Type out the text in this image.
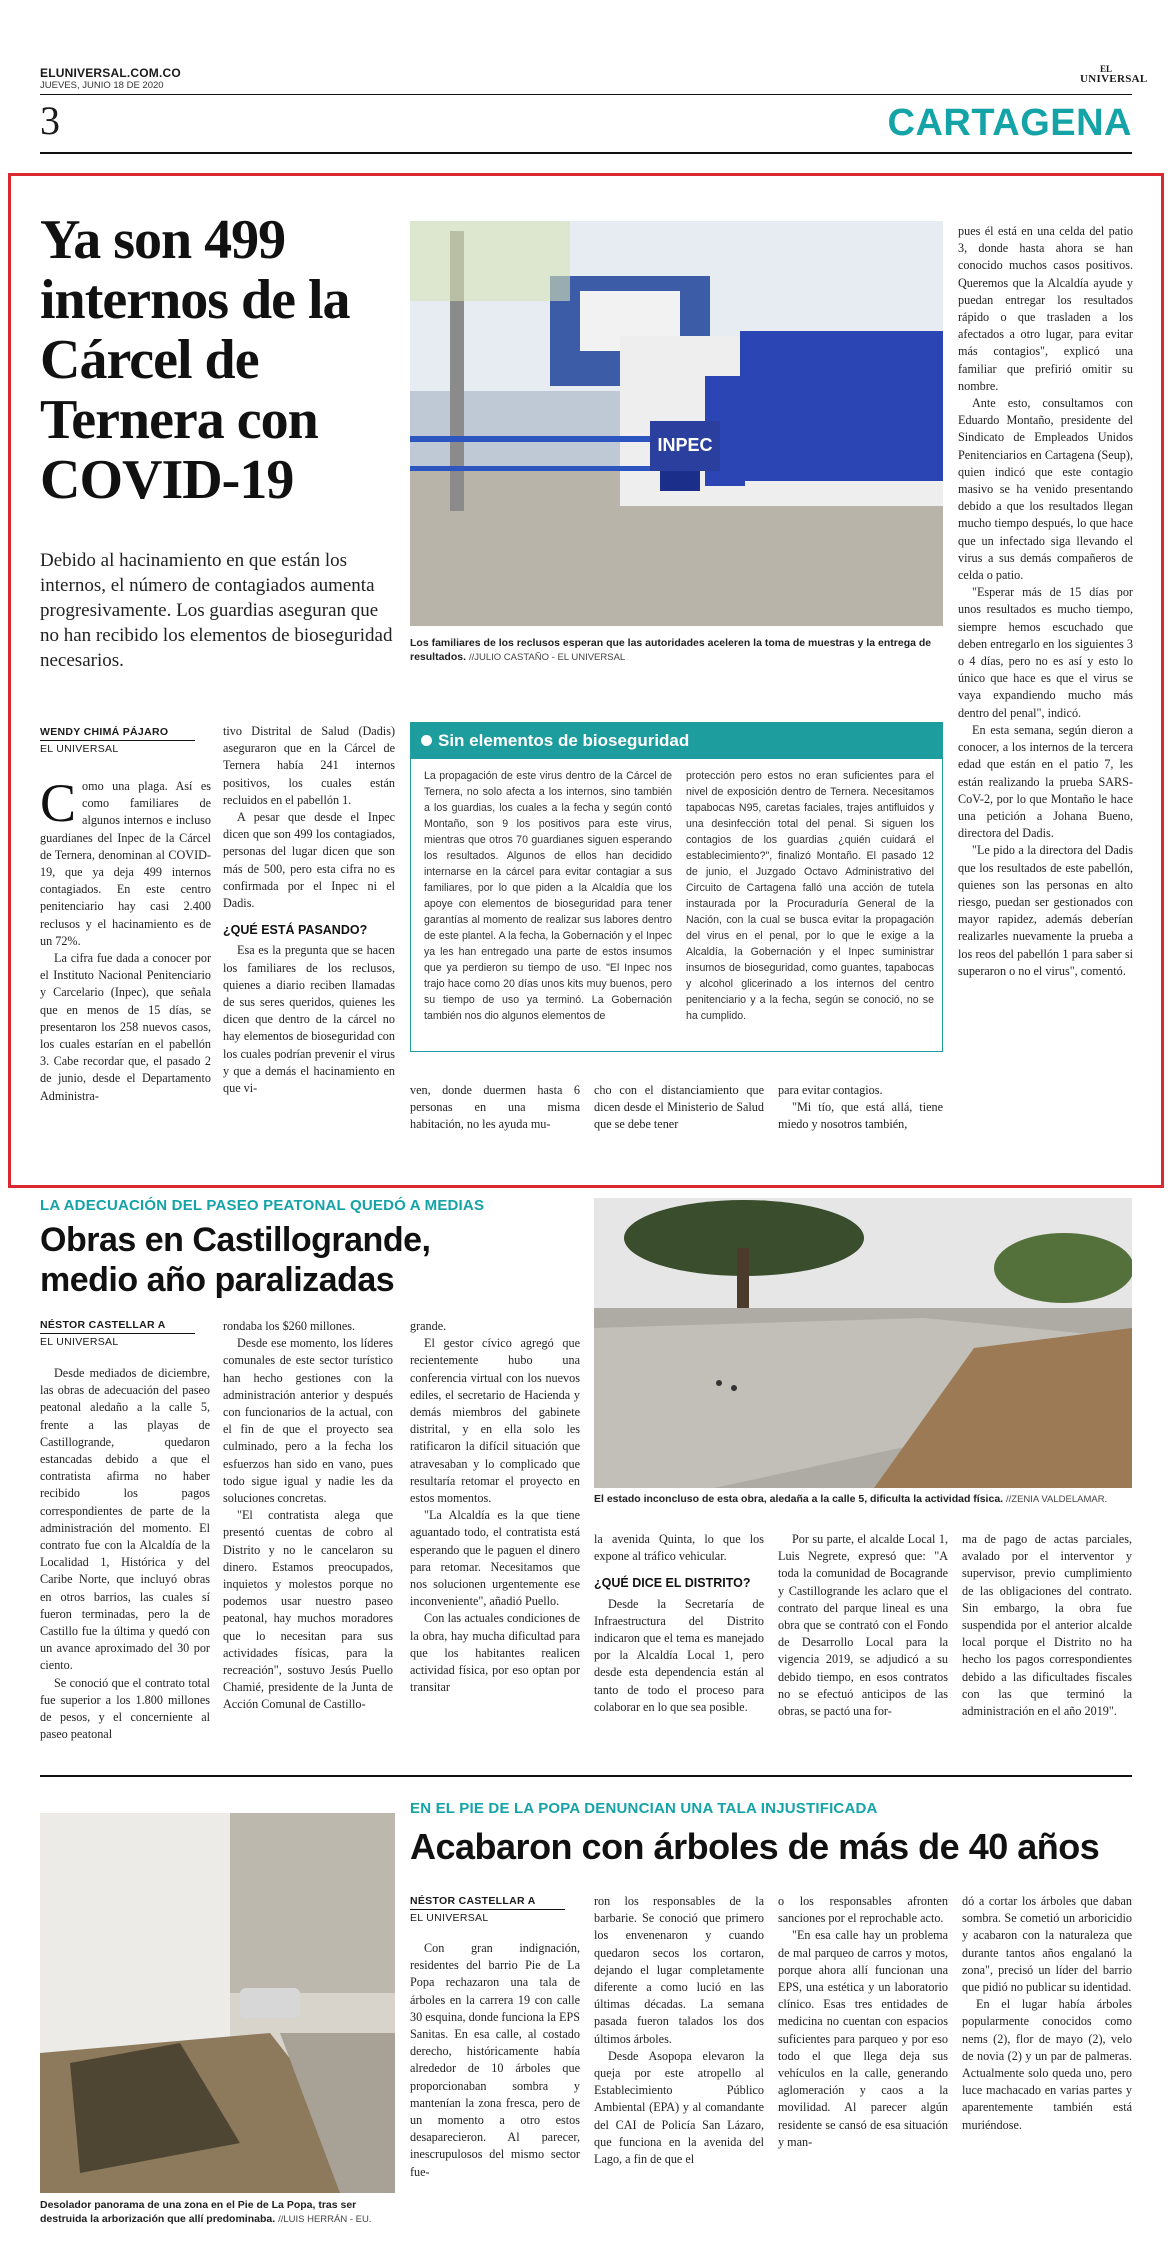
ELUNIVERSAL.COM.CO
JUEVES, JUNIO 18 DE 2020
EL
UNIVERSAL
3	CARTAGENA
Ya son 499 internos de la Cárcel de Ternera con COVID-19
Debido al hacinamiento en que están los internos, el número de contagiados aumenta progresivamente. Los guardias aseguran que no han recibido los elementos de bioseguridad necesarios.
INPEC
Los familiares de los reclusos esperan que las autoridades aceleren la toma de muestras y la entrega de resultados. //JULIO CASTAÑO - EL UNIVERSAL
WENDY CHIMÁ PÁJARO
EL UNIVERSAL

Como una plaga. Así es como familiares de algunos internos e incluso guardianes del Inpec de la Cárcel de Ternera, denominan al COVID-19, que ya deja 499 internos contagiados. En este centro penitenciario hay casi 2.400 reclusos y el hacinamiento es de un 72%.

La cifra fue dada a conocer por el Instituto Nacional Penitenciario y Carcelario (Inpec), que señala que en menos de 15 días, se presentaron los 258 nuevos casos, los cuales estarían en el pabellón 3. Cabe recordar que, el pasado 2 de junio, desde el Departamento Administra-

tivo Distrital de Salud (Dadis) aseguraron que en la Cárcel de Ternera había 241 internos positivos, los cuales están recluidos en el pabellón 1.

A pesar que desde el Inpec dicen que son 499 los contagiados, personas del lugar dicen que son más de 500, pero esta cifra no es confirmada por el Inpec ni el Dadis.

¿QUÉ ESTÁ PASANDO?

Esa es la pregunta que se hacen los familiares de los reclusos, quienes a diario reciben llamadas de sus seres queridos, quienes les dicen que dentro de la cárcel no hay elementos de bioseguridad con los cuales podrían prevenir el virus y que a demás el hacinamiento en que vi-

Sin elementos de bioseguridad
La propagación de este virus dentro de la Cárcel de Ternera, no solo afecta a los internos, sino también a los guardias, los cuales a la fecha y según contó Montaño, son 9 los positivos para este virus, mientras que otros 70 guardianes siguen esperando los resultados. Algunos de ellos han decidido internarse en la cárcel para evitar contagiar a sus familiares, por lo que piden a la Alcaldía que los apoye con elementos de bioseguridad para tener garantías al momento de realizar sus labores dentro de este plantel. A la fecha, la Gobernación y el Inpec ya les han entregado una parte de estos insumos que ya perdieron su tiempo de uso. "El Inpec nos trajo hace como 20 días unos kits muy buenos, pero su tiempo de uso ya terminó. La Gobernación también nos dio algunos elementos de
protección pero estos no eran suficientes para el nivel de exposición dentro de Ternera. Necesitamos tapabocas N95, caretas faciales, trajes antifluidos y una desinfección total del penal. Si siguen los contagios de los guardias ¿quién cuidará el establecimiento?", finalizó Montaño. El pasado 12 de junio, el Juzgado Octavo Administrativo del Circuito de Cartagena falló una acción de tutela instaurada por la Procuraduría General de la Nación, con la cual se busca evitar la propagación del virus en el penal, por lo que le exige a la Alcaldía, la Gobernación y el Inpec suministrar insumos de bioseguridad, como guantes, tapabocas y alcohol glicerinado a los internos del centro penitenciario y a la fecha, según se conoció, no se ha cumplido.
ven, donde duermen hasta 6 personas en una misma habitación, no les ayuda mu-
cho con el distanciamiento que dicen desde el Ministerio de Salud que se debe tener

para evitar contagios.

"Mi tío, que está allá, tiene miedo y nosotros también,

pues él está en una celda del patio 3, donde hasta ahora se han conocido muchos casos positivos. Queremos que la Alcaldía ayude y puedan entregar los resultados rápido o que trasladen a los afectados a otro lugar, para evitar más contagios", explicó una familiar que prefirió omitir su nombre.

Ante esto, consultamos con Eduardo Montaño, presidente del Sindicato de Empleados Unidos Penitenciarios en Cartagena (Seup), quien indicó que este contagio masivo se ha venido presentando debido a que los resultados llegan mucho tiempo después, lo que hace que un infectado siga llevando el virus a sus demás compañeros de celda o patio.

"Esperar más de 15 días por unos resultados es mucho tiempo, siempre hemos escuchado que deben entregarlo en los siguientes 3 o 4 días, pero no es así y esto lo único que hace es que el virus se vaya expandiendo mucho más dentro del penal", indicó.

En esta semana, según dieron a conocer, a los internos de la tercera edad que están en el patio 7, les están realizando la prueba SARS-CoV-2, por lo que Montaño le hace una petición a Johana Bueno, directora del Dadis.

"Le pido a la directora del Dadis que los resultados de este pabellón, quienes son las personas en alto riesgo, puedan ser gestionados con mayor rapidez, además deberían realizarles nuevamente la prueba a los reos del pabellón 1 para saber si superaron o no el virus", comentó.

LA ADECUACIÓN DEL PASEO PEATONAL QUEDÓ A MEDIAS
Obras en Castillogrande,
medio año paralizadas
NÉSTOR CASTELLAR A
EL UNIVERSAL

Desde mediados de diciembre, las obras de adecuación del paseo peatonal aledaño a la calle 5, frente a las playas de Castillogrande, quedaron estancadas debido a que el contratista afirma no haber recibido los pagos correspondientes de parte de la administración del momento. El contrato fue con la Alcaldía de la Localidad 1, Histórica y del Caribe Norte, que incluyó obras en otros barrios, las cuales sí fueron terminadas, pero la de Castillo fue la última y quedó con un avance aproximado del 30 por ciento.

Se conoció que el contrato total fue superior a los 1.800 millones de pesos, y el concerniente al paseo peatonal

rondaba los $260 millones.

Desde ese momento, los líderes comunales de este sector turístico han hecho gestiones con la administración anterior y después con funcionarios de la actual, con el fin de que el proyecto sea culminado, pero a la fecha los esfuerzos han sido en vano, pues todo sigue igual y nadie les da soluciones concretas.

"El contratista alega que presentó cuentas de cobro al Distrito y no le cancelaron su dinero. Estamos preocupados, inquietos y molestos porque no podemos usar nuestro paseo peatonal, hay muchos moradores que lo necesitan para sus actividades físicas, para la recreación", sostuvo Jesús Puello Chamié, presidente de la Junta de Acción Comunal de Castillo-

grande.

El gestor cívico agregó que recientemente hubo una conferencia virtual con los nuevos ediles, el secretario de Hacienda y demás miembros del gabinete distrital, y en ella solo les ratificaron la difícil situación que atravesaban y lo complicado que resultaría retomar el proyecto en estos momentos.

"La Alcaldía es la que tiene aguantado todo, el contratista está esperando que le paguen el dinero para retomar. Necesitamos que nos solucionen urgentemente ese inconveniente", añadió Puello.

Con las actuales condiciones de la obra, hay mucha dificultad para que los habitantes realicen actividad física, por eso optan por transitar

El estado inconcluso de esta obra, aledaña a la calle 5, dificulta la actividad física. //ZENIA VALDELAMAR.

la avenida Quinta, lo que los expone al tráfico vehicular.

¿QUÉ DICE EL DISTRITO?

Desde la Secretaría de Infraestructura del Distrito indicaron que el tema es manejado por la Alcaldía Local 1, pero desde esta dependencia están al tanto de todo el proceso para colaborar en lo que sea posible.

Por su parte, el alcalde Local 1, Luis Negrete, expresó que: "A toda la comunidad de Bocagrande y Castillogrande les aclaro que el contrato del parque lineal es una obra que se contrató con el Fondo de Desarrollo Local para la vigencia 2019, se adjudicó a su debido tiempo, en esos contratos no se efectuó anticipos de las obras, se pactó una for-

ma de pago de actas parciales, avalado por el interventor y supervisor, previo cumplimiento de las obligaciones del contrato. Sin embargo, la obra fue suspendida por el anterior alcalde local porque el Distrito no ha hecho los pagos correspondientes debido a las dificultades fiscales con las que terminó la administración en el año 2019".

EN EL PIE DE LA POPA DENUNCIAN UNA TALA INJUSTIFICADA
Acabaron con árboles de más de 40 años
Desolador panorama de una zona en el Pie de La Popa, tras ser destruida la arborización que allí predominaba. //LUIS HERRÁN - EU.
NÉSTOR CASTELLAR A
EL UNIVERSAL

Con gran indignación, residentes del barrio Pie de La Popa rechazaron una tala de árboles en la carrera 19 con calle 30 esquina, donde funciona la EPS Sanitas. En esa calle, al costado derecho, históricamente había alrededor de 10 árboles que proporcionaban sombra y mantenían la zona fresca, pero de un momento a otro estos desaparecieron. Al parecer, inescrupulosos del mismo sector fue-

ron los responsables de la barbarie. Se conoció que primero los envenenaron y cuando quedaron secos los cortaron, dejando el lugar completamente diferente a como lució en las últimas décadas. La semana pasada fueron talados los dos últimos árboles.

Desde Asopopa elevaron la queja por este atropello al Establecimiento Público Ambiental (EPA) y al comandante del CAI de Policía San Lázaro, que funciona en la avenida del Lago, a fin de que el

o los responsables afronten sanciones por el reprochable acto.

"En esa calle hay un problema de mal parqueo de carros y motos, porque ahora allí funcionan una EPS, una estética y un laboratorio clínico. Esas tres entidades de medicina no cuentan con espacios suficientes para parqueo y por eso todo el que llega deja sus vehículos en la calle, generando aglomeración y caos a la movilidad. Al parecer algún residente se cansó de esa situación y man-

dó a cortar los árboles que daban sombra. Se cometió un arboricidio y acabaron con la naturaleza que durante tantos años engalanó la zona", precisó un líder del barrio que pidió no publicar su identidad.

En el lugar había árboles popularmente conocidos como nems (2), flor de mayo (2), velo de novia (2) y un par de palmeras. Actualmente solo queda uno, pero luce machacado en varias partes y aparentemente también está muriéndose.
